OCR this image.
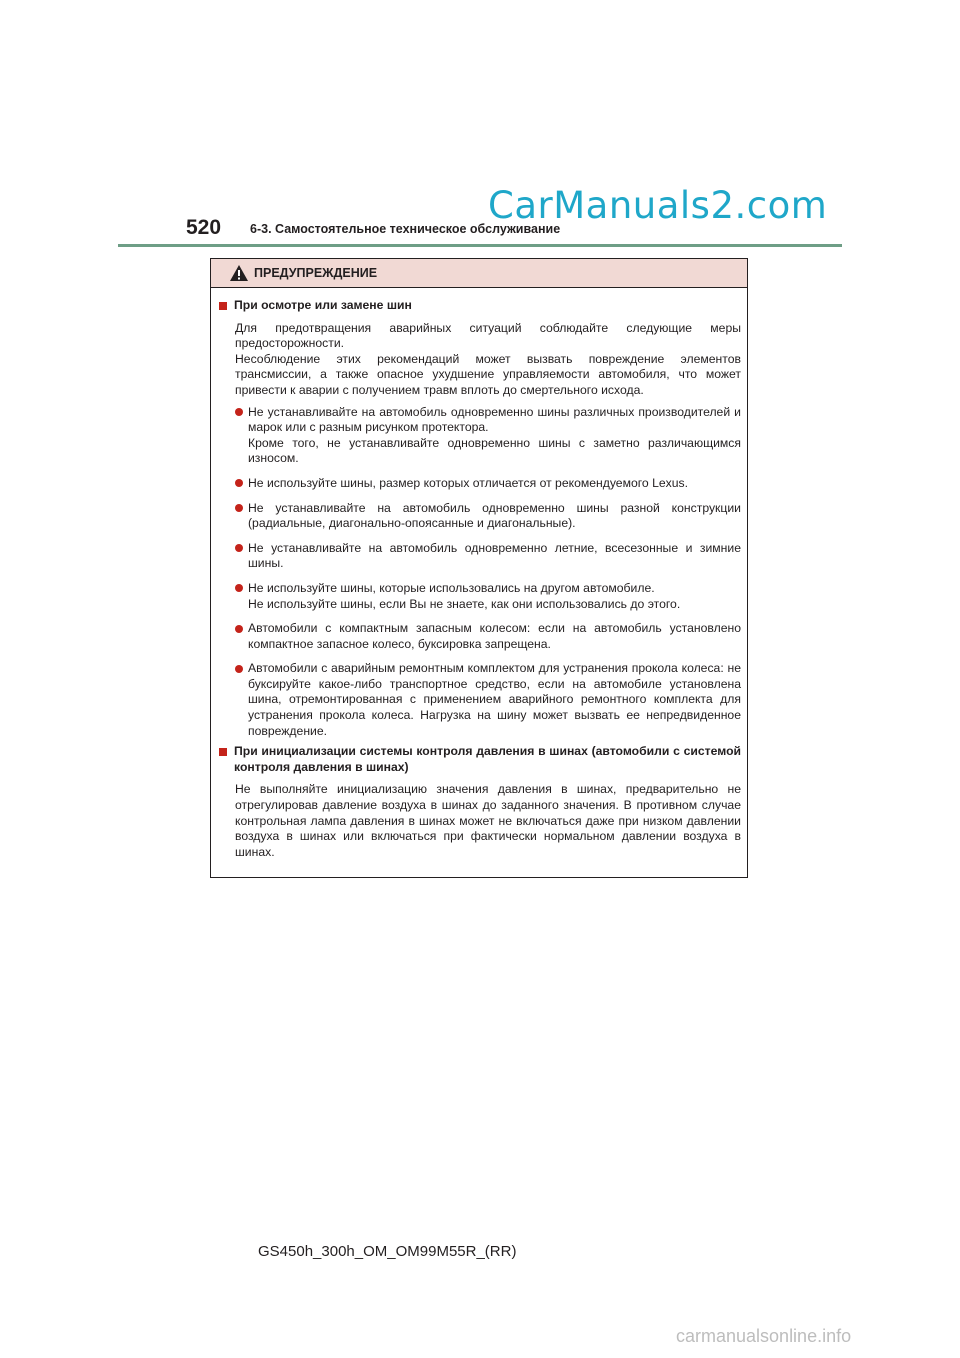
CarManuals2.com
520 6-3. Самостоятельное техническое обслуживание
ПРЕДУПРЕЖДЕНИЕ
При осмотре или замене шин
Для предотвращения аварийных ситуаций соблюдайте следующие меры предосторожности.
Несоблюдение этих рекомендаций может вызвать повреждение элементов трансмиссии, а также опасное ухудшение управляемости автомобиля, что может привести к аварии с получением травм вплоть до смертельного исхода.
Не устанавливайте на автомобиль одновременно шины различных производителей и марок или с разным рисунком протектора.
Кроме того, не устанавливайте одновременно шины с заметно различающимся износом.
Не используйте шины, размер которых отличается от рекомендуемого Lexus.
Не устанавливайте на автомобиль одновременно шины разной конструкции (радиальные, диагонально-опоясанные и диагональные).
Не устанавливайте на автомобиль одновременно летние, всесезонные и зимние шины.
Не используйте шины, которые использовались на другом автомобиле.
Не используйте шины, если Вы не знаете, как они использовались до этого.
Автомобили с компактным запасным колесом: если на автомобиль установлено компактное запасное колесо, буксировка запрещена.
Автомобили с аварийным ремонтным комплектом для устранения прокола колеса: не буксируйте какое-либо транспортное средство, если на автомобиле установлена шина, отремонтированная с применением аварийного ремонтного комплекта для устранения прокола колеса. Нагрузка на шину может вызвать ее непредвиденное повреждение.
При инициализации системы контроля давления в шинах (автомобили с системой контроля давления в шинах)
Не выполняйте инициализацию значения давления в шинах, предварительно не отрегулировав давление воздуха в шинах до заданного значения. В противном случае контрольная лампа давления в шинах может не включаться даже при низком давлении воздуха в шинах или включаться при фактически нормальном давлении воздуха в шинах.
GS450h_300h_OM_OM99M55R_(RR)
carmanualsonline.info
